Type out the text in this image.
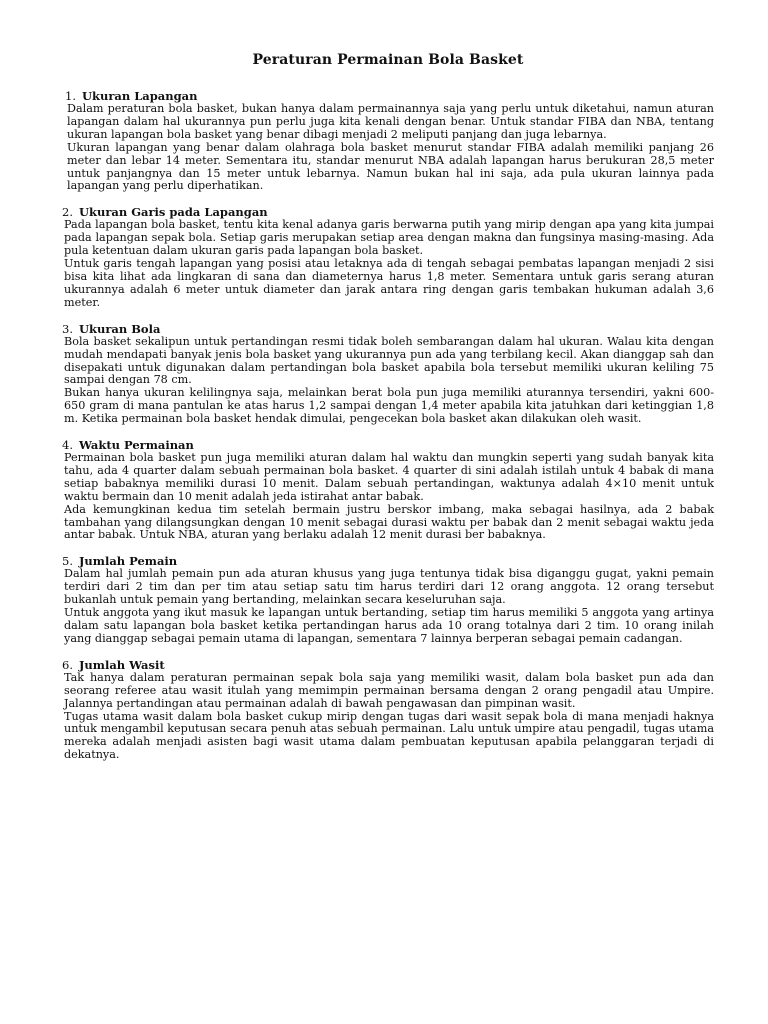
Peraturan Permainan Bola Basket

1. Ukuran Lapangan

Dalam peraturan bola basket, bukan hanya dalam permainannya saja yang perlu untuk diketahui, namun aturan lapangan dalam hal ukurannya pun perlu juga kita kenali dengan benar. Untuk standar FIBA dan NBA, tentang ukuran lapangan bola basket yang benar dibagi menjadi 2 meliputi panjang dan juga lebarnya.

Ukuran lapangan yang benar dalam olahraga bola basket menurut standar FIBA adalah memiliki panjang 26 meter dan lebar 14 meter. Sementara itu, standar menurut NBA adalah lapangan harus berukuran 28,5 meter untuk panjangnya dan 15 meter untuk lebarnya. Namun bukan hal ini saja, ada pula ukuran lainnya pada lapangan yang perlu diperhatikan.

2. Ukuran Garis pada Lapangan

Pada lapangan bola basket, tentu kita kenal adanya garis berwarna putih yang mirip dengan apa yang kita jumpai pada lapangan sepak bola. Setiap garis merupakan setiap area dengan makna dan fungsinya masing-masing. Ada pula ketentuan dalam ukuran garis pada lapangan bola basket.

Untuk garis tengah lapangan yang posisi atau letaknya ada di tengah sebagai pembatas lapangan menjadi 2 sisi bisa kita lihat ada lingkaran di sana dan diameternya harus 1,8 meter. Sementara untuk garis serang aturan ukurannya adalah 6 meter untuk diameter dan jarak antara ring dengan garis tembakan hukuman adalah 3,6 meter.

3. Ukuran Bola

Bola basket sekalipun untuk pertandingan resmi tidak boleh sembarangan dalam hal ukuran. Walau kita dengan mudah mendapati banyak jenis bola basket yang ukurannya pun ada yang terbilang kecil. Akan dianggap sah dan disepakati untuk digunakan dalam pertandingan bola basket apabila bola tersebut memiliki ukuran keliling 75 sampai dengan 78 cm.

Bukan hanya ukuran kelilingnya saja, melainkan berat bola pun juga memiliki aturannya tersendiri, yakni 600-650 gram di mana pantulan ke atas harus 1,2 sampai dengan 1,4 meter apabila kita jatuhkan dari ketinggian 1,8 m. Ketika permainan bola basket hendak dimulai, pengecekan bola basket akan dilakukan oleh wasit.

4. Waktu Permainan

Permainan bola basket pun juga memiliki aturan dalam hal waktu dan mungkin seperti yang sudah banyak kita tahu, ada 4 quarter dalam sebuah permainan bola basket. 4 quarter di sini adalah istilah untuk 4 babak di mana setiap babaknya memiliki durasi 10 menit. Dalam sebuah pertandingan, waktunya adalah 4×10 menit untuk waktu bermain dan 10 menit adalah jeda istirahat antar babak.

Ada kemungkinan kedua tim setelah bermain justru berskor imbang, maka sebagai hasilnya, ada 2 babak tambahan yang dilangsungkan dengan 10 menit sebagai durasi waktu per babak dan 2 menit sebagai waktu jeda antar babak. Untuk NBA, aturan yang berlaku adalah 12 menit durasi ber babaknya.

5. Jumlah Pemain

Dalam hal jumlah pemain pun ada aturan khusus yang juga tentunya tidak bisa diganggu gugat, yakni pemain terdiri dari 2 tim dan per tim atau setiap satu tim harus terdiri dari 12 orang anggota. 12 orang tersebut bukanlah untuk pemain yang bertanding, melainkan secara keseluruhan saja.

Untuk anggota yang ikut masuk ke lapangan untuk bertanding, setiap tim harus memiliki 5 anggota yang artinya dalam satu lapangan bola basket ketika pertandingan harus ada 10 orang totalnya dari 2 tim. 10 orang inilah yang dianggap sebagai pemain utama di lapangan, sementara 7 lainnya berperan sebagai pemain cadangan.

6. Jumlah Wasit

Tak hanya dalam peraturan permainan sepak bola saja yang memiliki wasit, dalam bola basket pun ada dan seorang referee atau wasit itulah yang memimpin permainan bersama dengan 2 orang pengadil atau Umpire. Jalannya pertandingan atau permainan adalah di bawah pengawasan dan pimpinan wasit.

Tugas utama wasit dalam bola basket cukup mirip dengan tugas dari wasit sepak bola di mana menjadi haknya untuk mengambil keputusan secara penuh atas sebuah permainan. Lalu untuk umpire atau pengadil, tugas utama mereka adalah menjadi asisten bagi wasit utama dalam pembuatan keputusan apabila pelanggaran terjadi di dekatnya.
